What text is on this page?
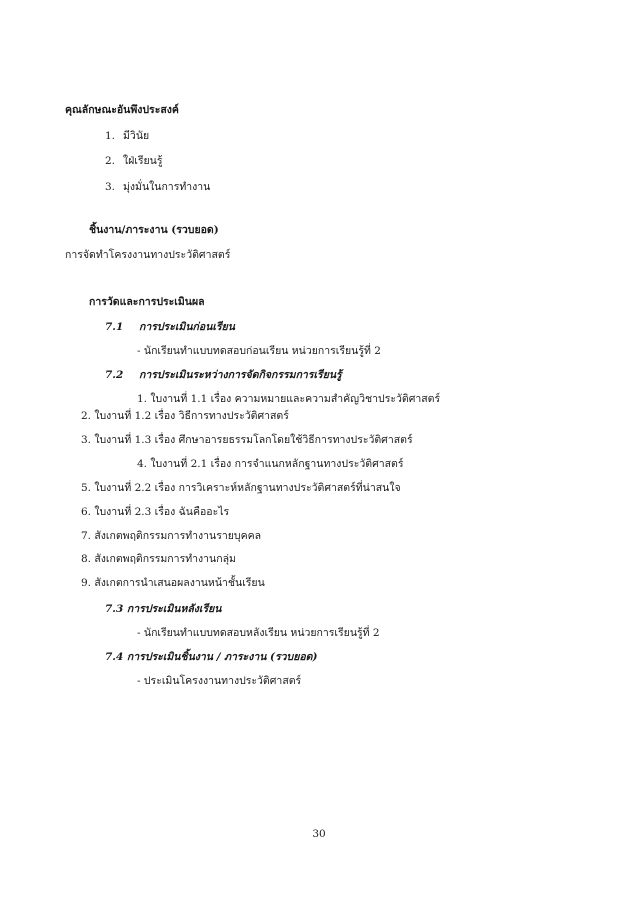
คุณลักษณะอันพึงประสงค์
1. มีวินัย
2. ใฝ่เรียนรู้
3. มุ่งมั่นในการทำงาน
ชิ้นงาน/ภาระงาน (รวบยอด)
การจัดทำโครงงานทางประวัติศาสตร์
การวัดและการประเมินผล
7.1 การประเมินก่อนเรียน
- นักเรียนทำแบบทดสอบก่อนเรียน หน่วยการเรียนรู้ที่ 2
7.2 การประเมินระหว่างการจัดกิจกรรมการเรียนรู้
1. ใบงานที่ 1.1 เรื่อง ความหมายและความสำคัญวิชาประวัติศาสตร์
2. ใบงานที่ 1.2 เรื่อง วิธีการทางประวัติศาสตร์
3. ใบงานที่ 1.3 เรื่อง ศึกษาอารยธรรมโลกโดยใช้วิธีการทางประวัติศาสตร์
4. ใบงานที่ 2.1 เรื่อง การจำแนกหลักฐานทางประวัติศาสตร์
5. ใบงานที่ 2.2 เรื่อง การวิเคราะห์หลักฐานทางประวัติศาสตร์ที่น่าสนใจ
6. ใบงานที่ 2.3 เรื่อง ฉันคืออะไร
7. สังเกตพฤติกรรมการทำงานรายบุคคล
8. สังเกตพฤติกรรมการทำงานกลุ่ม
9. สังเกตการนำเสนอผลงานหน้าชั้นเรียน
7.3 การประเมินหลังเรียน
- นักเรียนทำแบบทดสอบหลังเรียน หน่วยการเรียนรู้ที่ 2
7.4 การประเมินชิ้นงาน / ภาระงาน (รวบยอด)
- ประเมินโครงงานทางประวัติศาสตร์
30
